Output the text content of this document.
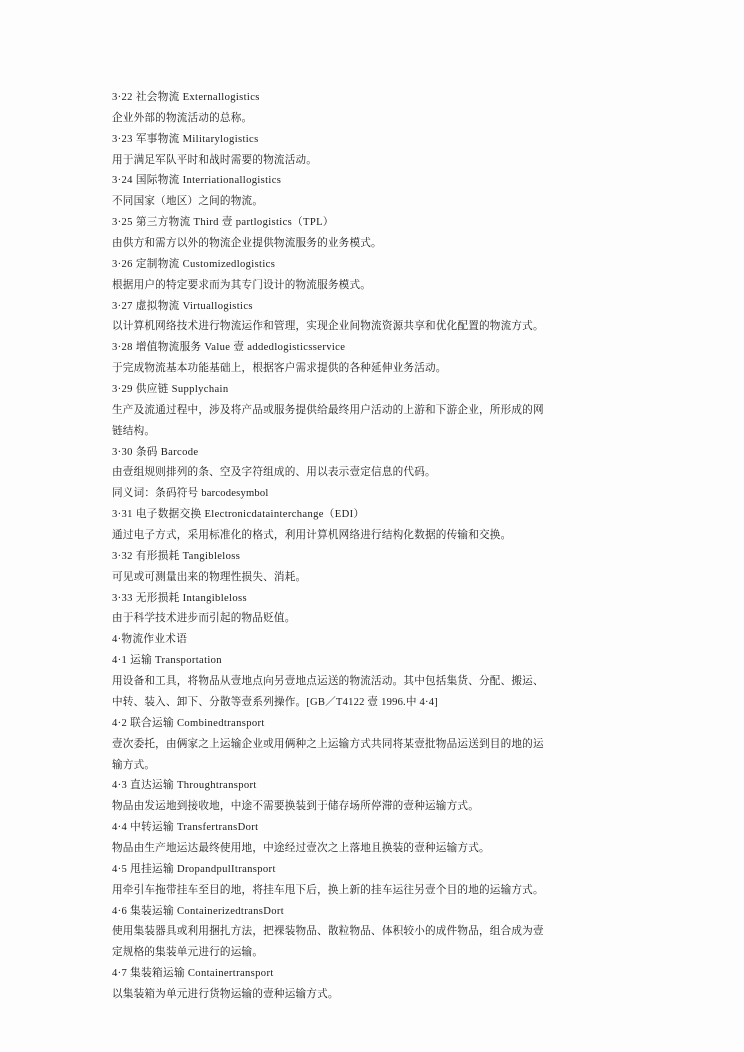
3·22 社会物流 Externallogistics
企业外部的物流活动的总称。
3·23 军事物流 Militarylogistics
用于满足军队平时和战时需要的物流活动。
3·24 国际物流 Interriationallogistics
不同国家（地区）之间的物流。
3·25 第三方物流 Third 壹 partlogistics（TPL）
由供方和需方以外的物流企业提供物流服务的业务模式。
3·26 定制物流 Customizedlogistics
根据用户的特定要求而为其专门设计的物流服务模式。
3·27 虚拟物流 Virtuallogistics
以计算机网络技术进行物流运作和管理，实现企业间物流资源共享和优化配置的物流方式。
3·28 增值物流服务 Value 壹 addedlogisticsservice
于完成物流基本功能基础上，根据客户需求提供的各种延伸业务活动。
3·29 供应链 Supplychain
生产及流通过程中，涉及将产品或服务提供给最终用户活动的上游和下游企业，所形成的网
链结构。
3·30 条码 Barcode
由壹组规则排列的条、空及字符组成的、用以表示壹定信息的代码。
同义词：条码符号 barcodesymbol
3·31 电子数据交换 Electronicdatainterchange（EDI）
通过电子方式，采用标准化的格式，利用计算机网络进行结构化数据的传输和交换。
3·32 有形损耗 Tangibleloss
可见或可测量出来的物理性损失、消耗。
3·33 无形损耗 Intangibleloss
由于科学技术进步而引起的物品贬值。
4·物流作业术语
4·1 运输 Transportation
用设备和工具，将物品从壹地点向另壹地点运送的物流活动。其中包括集货、分配、搬运、
中转、装入、卸下、分散等壹系列操作。[GB／T4122 壹 1996.中 4·4]
4·2 联合运输 Combinedtransport
壹次委托，由俩家之上运输企业或用俩种之上运输方式共同将某壹批物品运送到目的地的运
输方式。
4·3 直达运输 Throughtransport
物品由发运地到接收地，中途不需要换装到于储存场所停滞的壹种运输方式。
4·4 中转运输 TransfertransDort
物品由生产地运达最终使用地，中途经过壹次之上落地且换装的壹种运输方式。
4·5 甩挂运输 DropandpulItransport
用牵引车拖带挂车至目的地，将挂车甩下后，换上新的挂车运往另壹个目的地的运输方式。
4·6 集装运输 ContainerizedtransDort
使用集装器具或利用捆扎方法，把裸装物品、散粒物品、体积较小的成件物品，组合成为壹
定规格的集装单元进行的运输。
4·7 集装箱运输 Containertransport
以集装箱为单元进行货物运输的壹种运输方式。
